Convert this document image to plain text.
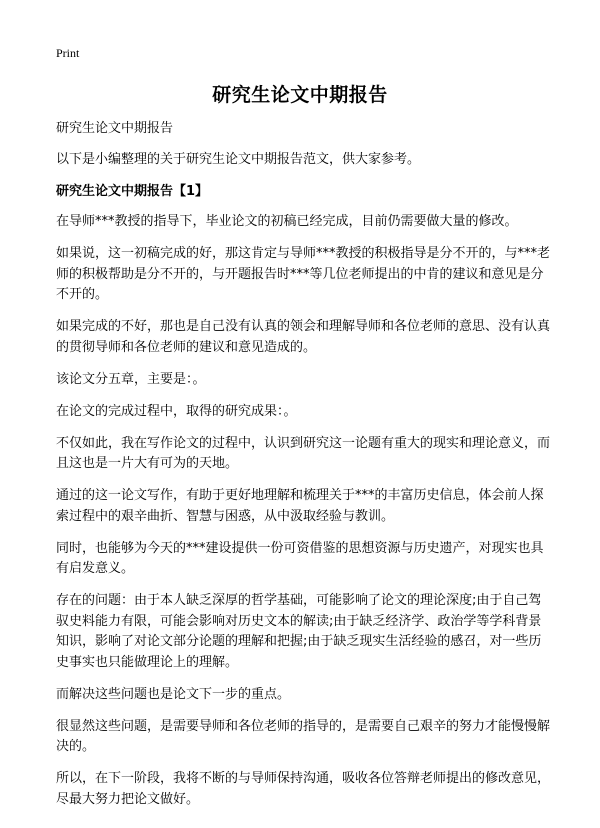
Print
研究生论文中期报告

研究生论文中期报告

以下是小编整理的关于研究生论文中期报告范文，供大家参考。

研究生论文中期报告【1】

在导师***教授的指导下，毕业论文的初稿已经完成，目前仍需要做大量的修改。

如果说，这一初稿完成的好，那这肯定与导师***教授的积极指导是分不开的，与***老师的积极帮助是分不开的，与开题报告时***等几位老师提出的中肯的建议和意见是分不开的。

如果完成的不好，那也是自己没有认真的领会和理解导师和各位老师的意思、没有认真的贯彻导师和各位老师的建议和意见造成的。

该论文分五章，主要是：。

在论文的完成过程中，取得的研究成果：。

不仅如此，我在写作论文的过程中，认识到研究这一论题有重大的现实和理论意义，而且这也是一片大有可为的天地。

通过的这一论文写作，有助于更好地理解和梳理关于***的丰富历史信息，体会前人探索过程中的艰辛曲折、智慧与困惑，从中汲取经验与教训。

同时，也能够为今天的***建设提供一份可资借鉴的思想资源与历史遗产，对现实也具有启发意义。

存在的问题：由于本人缺乏深厚的哲学基础，可能影响了论文的理论深度;由于自己驾驭史料能力有限，可能会影响对历史文本的解读;由于缺乏经济学、政治学等学科背景知识，影响了对论文部分论题的理解和把握;由于缺乏现实生活经验的感召，对一些历史事实也只能做理论上的理解。

而解决这些问题也是论文下一步的重点。

很显然这些问题，是需要导师和各位老师的指导的，是需要自己艰辛的努力才能慢慢解决的。

所以，在下一阶段，我将不断的与导师保持沟通，吸收各位答辩老师提出的修改意见，尽最大努力把论文做好。
